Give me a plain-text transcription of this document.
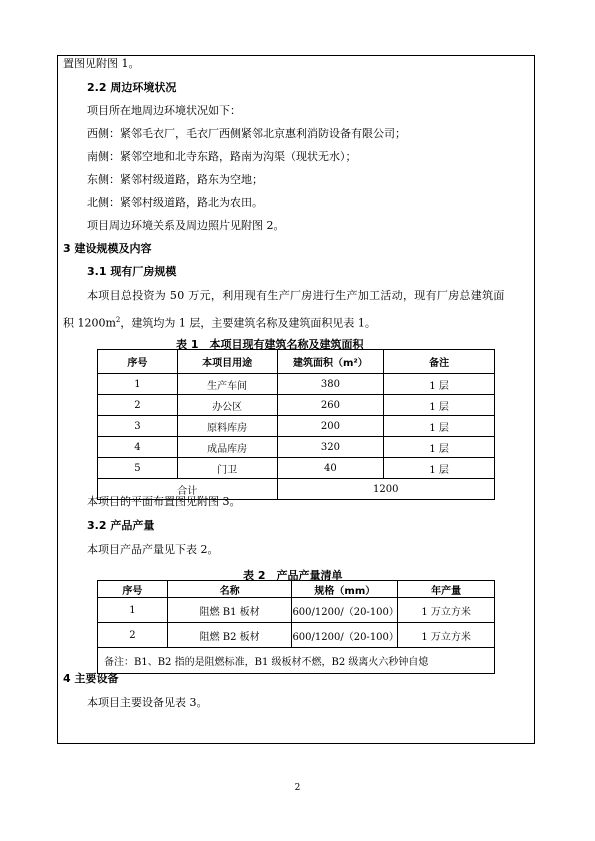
置图见附图 1。
2.2 周边环境状况
项目所在地周边环境状况如下：
西侧：紧邻毛衣厂，毛衣厂西侧紧邻北京惠利消防设备有限公司；
南侧：紧邻空地和北寺东路，路南为沟渠（现状无水）；
东侧：紧邻村级道路，路东为空地；
北侧：紧邻村级道路，路北为农田。
项目周边环境关系及周边照片见附图 2。
3 建设规模及内容
3.1 现有厂房规模
本项目总投资为 50 万元，利用现有生产厂房进行生产加工活动，现有厂房总建筑面
积 $1200m^2$，建筑均为 1 层，主要建筑名称及建筑面积见表 1。
表 1　本项目现有建筑名称及建筑面积
序号	本项目用途	建筑面积（m²）	备注
1	生产车间	380	1 层
2	办公区	260	1 层
3	原料库房	200	1 层
4	成品库房	320	1 层
5	门卫	40	1 层
合计		1200	
本项目的平面布置图见附图 3。
3.2 产品产量
本项目产品产量见下表 2。
表 2　产品产量清单
序号	名称	规格（mm）	年产量
1	阻燃 B1 板材	600/1200/（20-100）	1 万立方米
2	阻燃 B2 板材	600/1200/（20-100）	1 万立方米
备注：B1、B2 指的是阻燃标准，B1 级板材不燃，B2 级离火六秒钟自熄			
4 主要设备
本项目主要设备见表 3。
2
